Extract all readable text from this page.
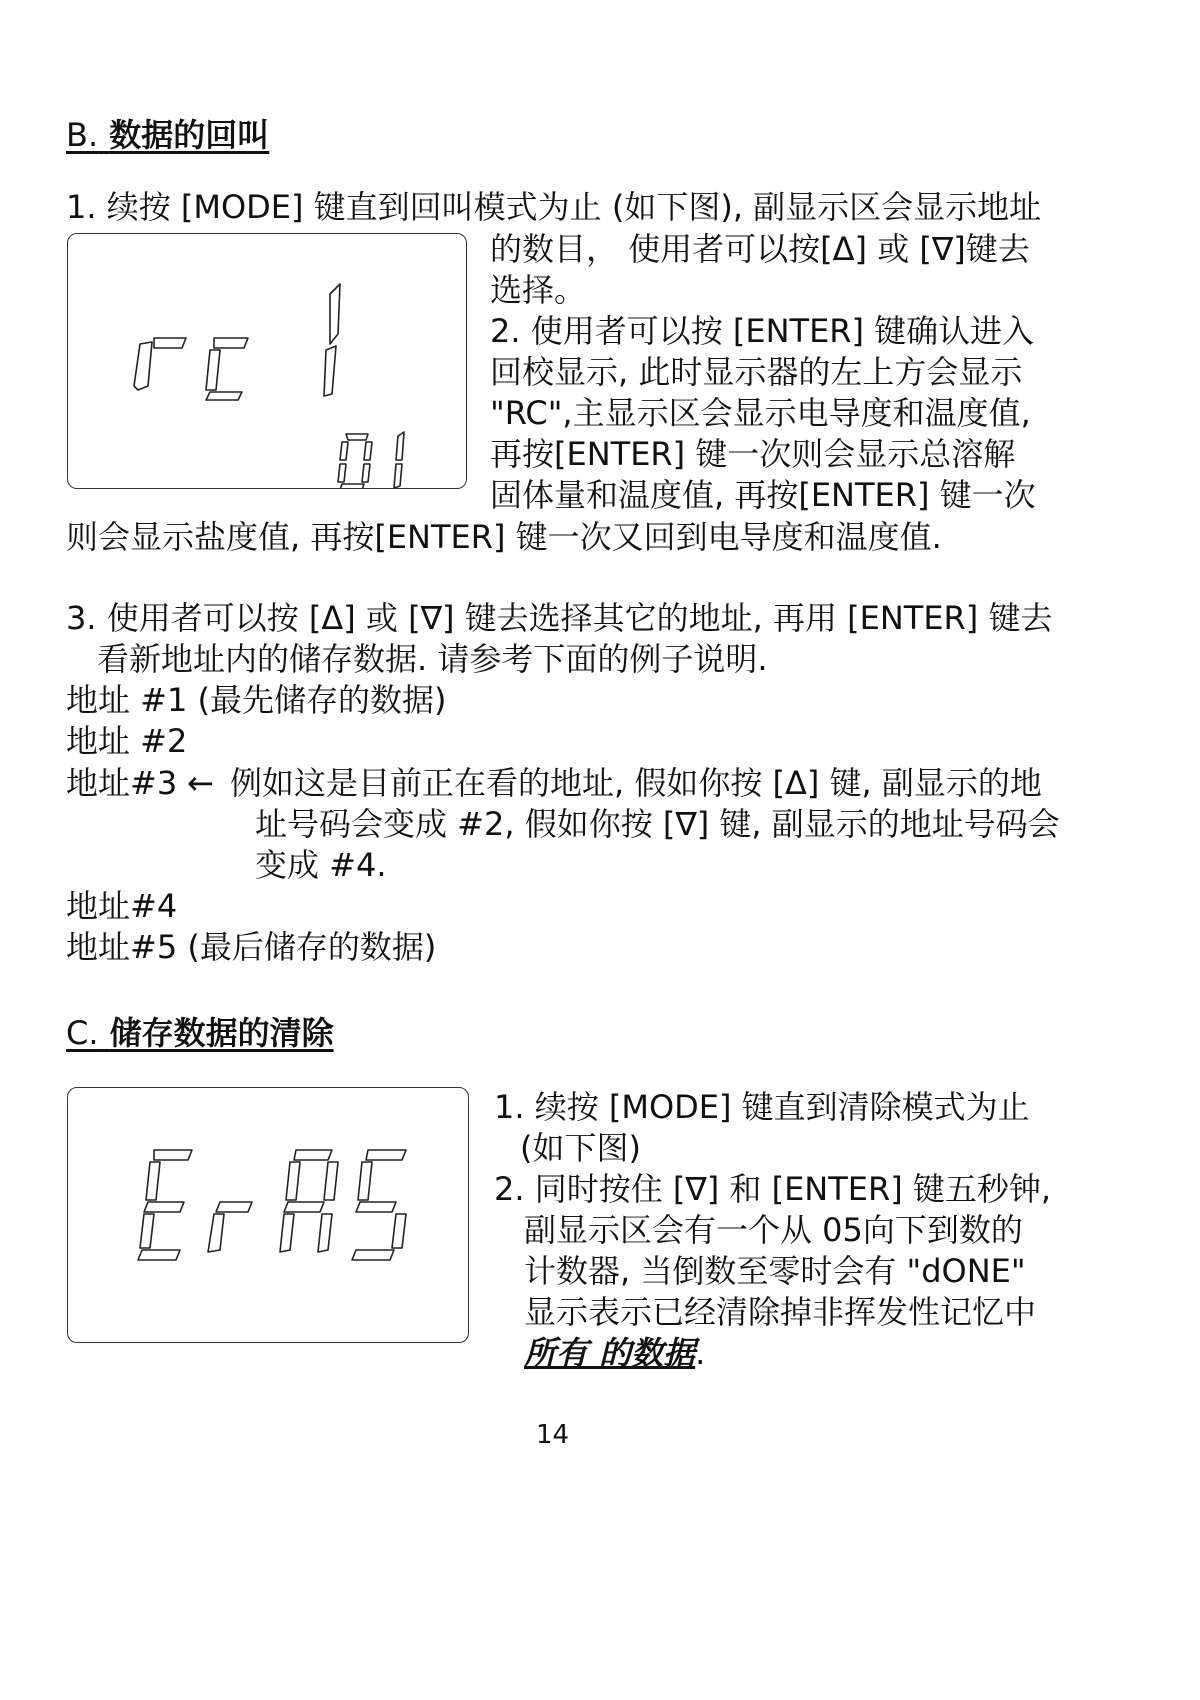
B. 数据的回叫
1. 续按 [MODE] 键直到回叫模式为止 (如下图), 副显示区会显示地址
的数目， 使用者可以按[Δ] 或 [∇]键去
选择。
2. 使用者可以按 [ENTER] 键确认进入
回校显示, 此时显示器的左上方会显示
"RC",主显示区会显示电导度和温度值,
再按[ENTER] 键一次则会显示总溶解
固体量和温度值, 再按[ENTER] 键一次
则会显示盐度值, 再按[ENTER] 键一次又回到电导度和温度值.
3. 使用者可以按 [Δ] 或 [∇] 键去选择其它的地址, 再用 [ENTER] 键去
看新地址内的储存数据. 请参考下面的例子说明.
地址 #1 (最先储存的数据)
地址 #2
地址#3 ← 例如这是目前正在看的地址, 假如你按 [Δ] 键, 副显示的地
址号码会变成 #2, 假如你按 [∇] 键, 副显示的地址号码会
变成 #4.
地址#4
地址#5 (最后储存的数据)
C. 储存数据的清除
1. 续按 [MODE] 键直到清除模式为止
(如下图)
2. 同时按住 [∇] 和 [ENTER] 键五秒钟,
副显示区会有一个从 05向下到数的
计数器, 当倒数至零时会有 "dONE"
显示表示已经清除掉非挥发性记忆中
所有 的数据.
14
